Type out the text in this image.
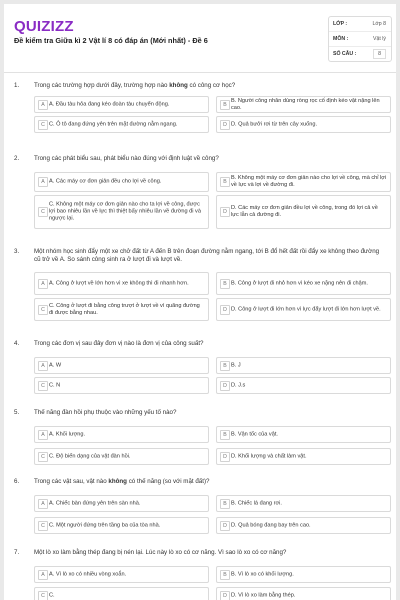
QUIZIZZ
Đề kiểm tra Giữa kì 2 Vật lí 8 có đáp án (Mới nhất) - Đề 6
LỚP :	Lớp 8
MÔN :	Vật lý
SỐ CÂU :	8
1. Trong các trường hợp dưới đây, trường hợp nào không có công cơ học?
A A. Đầu tàu hỏa đang kéo đoàn tàu chuyển động.	B
B. Người công nhân dùng ròng rọc cố định kéo vật nặng lên cao.
C C. Ô tô đang đứng yên trên mặt đường nằm ngang.	D D. Quả bưởi rơi từ trên cây xuống.
2. Trong các phát biểu sau, phát biểu nào đúng với định luật về công?
A A. Các máy cơ đơn giản đều cho lợi về công.	B
B. Không một máy cơ đơn giản nào cho lợi về công, mà chỉ lợi về lực và lợi về đường đi.
C
C. Không một máy cơ đơn giản nào cho ta lợi về công, được lợi bao nhiêu lần về lực thì thiệt bấy nhiêu lần về đường đi và ngược lại.
D
D. Các máy cơ đơn giản đều lợi về công, trong đó lợi cả về lực lẫn cả đường đi.
3. Một nhóm học sinh đẩy một xe chở đất từ A đến B trên đoạn đường nằm ngang, tới B đổ hết đất rồi đẩy xe không theo đường cũ trở về A. So sánh công sinh ra ở lượt đi và lượt về.
A A. Công ở lượt về lớn hơn vì xe không thì đi nhanh hơn.	B B. Công ở lượt đi nhỏ hơn vì kéo xe nặng nên đi chậm.
C
C. Công ở lượt đi bằng công trượt ở lượt về vì quãng đường đi được bằng nhau.	D D. Công ở lượt đi lớn hơn vì lực đẩy lượt đi lớn hơn lượt về.
4. Trong các đơn vị sau đây đơn vị nào là đơn vị của công suất?
A A. W	B B. J
C C. N	D D. J.s
5. Thế năng đàn hồi phụ thuộc vào những yếu tố nào?
A A. Khối lượng.	B B. Vận tốc của vật.
C C. Độ biến dạng của vật đàn hồi.	D D. Khối lượng và chất làm vật.
6. Trong các vật sau, vật nào không có thế năng (so với mặt đất)?
A A. Chiếc bàn đứng yên trên sàn nhà.	B B. Chiếc lá đang rơi.
C C. Một người đứng trên tầng ba của tòa nhà.	D D. Quả bóng đang bay trên cao.
7. Một lò xo làm bằng thép đang bị nén lại. Lúc này lò xo có cơ năng. Vì sao lò xo có cơ năng?
A A. Vì lò xo có nhiều vòng xoắn.	B B. Vì lò xo có khối lượng.
C C.	D D. Vì lò xo làm bằng thép.
